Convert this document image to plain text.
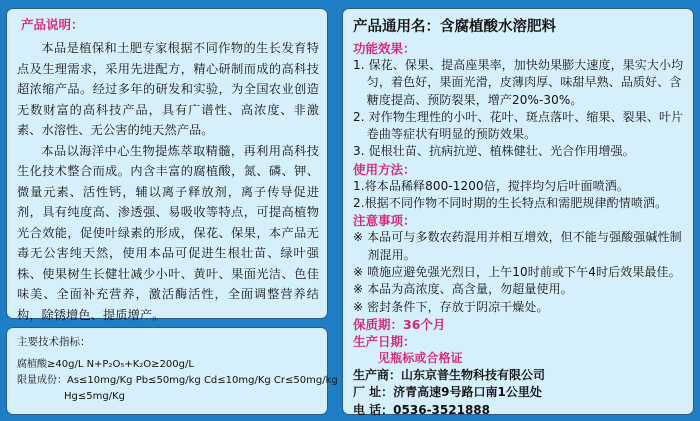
产品说明：

本品是植保和土肥专家根据不同作物的生长发育特点及生理需求，采用先进配方，精心研制而成的高科技超浓缩产品。经过多年的研发和实验，为全国农业创造无数财富的高科技产品，具有广谱性、高浓度、非激素、水溶性、无公害的纯天然产品。

本品以海洋中心生物提炼萃取精髓，再利用高科技生化技术整合而成。内含丰富的腐植酸，氮、磷、钾、微量元素、活性钙，辅以离子释放剂，离子传导促进剂，具有纯度高、渗透强、易吸收等特点，可提高植物光合效能，促使叶绿素的形成，保花、保果，本产品无毒无公害纯天然，使用本品可促进生根壮苗、绿叶强株、使果树生长健壮减少小叶、黄叶、果面光洁、色佳味美、全面补充营养，激活酶活性，全面调整营养结构，除锈增色、提质增产。

主要技术指标：

腐植酸≥40g/L N+P₂O₅+K₂O≥200g/L

限量成份：As≤10mg/Kg Pb≤50mg/kg Cd≤10mg/Kg Cr≤50mg/kg

Hg≤5mg/Kg

产品通用名：含腐植酸水溶肥料

功能效果：

1. 保花、保果、提高座果率，加快幼果膨大速度，果实大小均匀，着色好，果面光滑，皮薄肉厚、味甜早熟、品质好、含糖度提高、预防裂果，增产20%-30%。

2. 对作物生理性的小叶、花叶、斑点落叶、缩果、裂果、叶片卷曲等症状有明显的预防效果。

3. 促根壮苗、抗病抗逆、植株健壮、光合作用增强。

使用方法：

1.将本品稀释800-1200倍，搅拌均匀后叶面喷洒。

2.根据不同作物不同时期的生长特点和需肥规律酌情喷洒。

注意事项：

※ 本品可与多数农药混用并相互增效，但不能与强酸强碱性制剂混用。

※ 喷施应避免强光烈日，上午10时前或下午4时后效果最佳。

※ 本品为高浓度、高含量，勿超量使用。

※ 密封条件下，存放于阴凉干燥处。

保质期：36个月

生产日期：

见瓶标或合格证

生产商：山东京普生物科技有限公司

厂 址：济青高速9号路口南1公里处

电 话：0536-3521888
